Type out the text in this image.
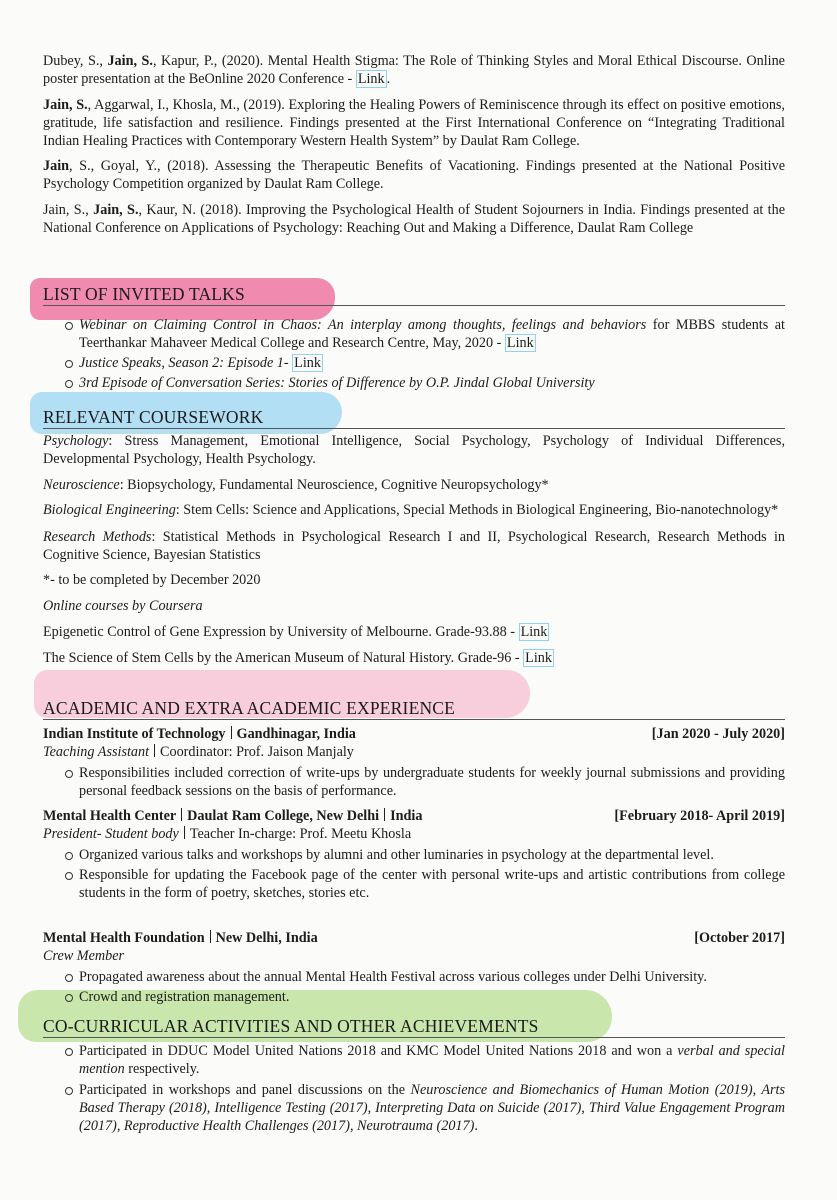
Dubey, S., Jain, S., Kapur, P., (2020). Mental Health Stigma: The Role of Thinking Styles and Moral Ethical Discourse. Online poster presentation at the BeOnline 2020 Conference - Link .

Jain, S., Aggarwal, I., Khosla, M., (2019). Exploring the Healing Powers of Reminiscence through its effect on positive emotions, gratitude, life satisfaction and resilience. Findings presented at the First International Conference on “Integrating Traditional Indian Healing Practices with Contemporary Western Health System” by Daulat Ram College.

Jain, S., Goyal, Y., (2018). Assessing the Therapeutic Benefits of Vacationing. Findings presented at the National Positive Psychology Competition organized by Daulat Ram College.

Jain, S., Jain, S., Kaur, N. (2018). Improving the Psychological Health of Student Sojourners in India. Findings presented at the National Conference on Applications of Psychology: Reaching Out and Making a Difference, Daulat Ram College

LIST OF INVITED TALKS
Webinar on Claiming Control in Chaos: An interplay among thoughts, feelings and behaviors for MBBS students at Teerthankar Mahaveer Medical College and Research Centre, May, 2020 - Link
Justice Speaks, Season 2: Episode 1- Link
3rd Episode of Conversation Series: Stories of Difference by O.P. Jindal Global University
RELEVANT COURSEWORK

Psychology: Stress Management, Emotional Intelligence, Social Psychology, Psychology of Individual Differences, Developmental Psychology, Health Psychology.

Neuroscience: Biopsychology, Fundamental Neuroscience, Cognitive Neuropsychology*

Biological Engineering: Stem Cells: Science and Applications, Special Methods in Biological Engineering, Bio-nanotechnology*

Research Methods: Statistical Methods in Psychological Research I and II, Psychological Research, Research Methods in Cognitive Science, Bayesian Statistics

*- to be completed by December 2020
Online courses by Coursera
Epigenetic Control of Gene Expression by University of Melbourne. Grade-93.88 - Link
The Science of Stem Cells by the American Museum of Natural History. Grade-96 - Link
ACADEMIC AND EXTRA ACADEMIC EXPERIENCE
Indian Institute of Technology Gandhinagar, India	[Jan 2020 - July 2020]
Teaching Assistant Coordinator: Prof. Jaison Manjaly
Responsibilities included correction of write-ups by undergraduate students for weekly journal submissions and providing personal feedback sessions on the basis of performance.
Mental Health Center Daulat Ram College, New Delhi India	[February 2018- April 2019]
President- Student body Teacher In-charge: Prof. Meetu Khosla
Organized various talks and workshops by alumni and other luminaries in psychology at the departmental level.
Responsible for updating the Facebook page of the center with personal write-ups and artistic contributions from college students in the form of poetry, sketches, stories etc.
Mental Health Foundation New Delhi, India	[October 2017]
Crew Member
Propagated awareness about the annual Mental Health Festival across various colleges under Delhi University.
Crowd and registration management.
CO-CURRICULAR ACTIVITIES AND OTHER ACHIEVEMENTS
Participated in DDUC Model United Nations 2018 and KMC Model United Nations 2018 and won a verbal and special mention respectively.
Participated in workshops and panel discussions on the Neuroscience and Biomechanics of Human Motion (2019), Arts Based Therapy (2018), Intelligence Testing (2017), Interpreting Data on Suicide (2017), Third Value Engagement Program (2017), Reproductive Health Challenges (2017), Neurotrauma (2017).
